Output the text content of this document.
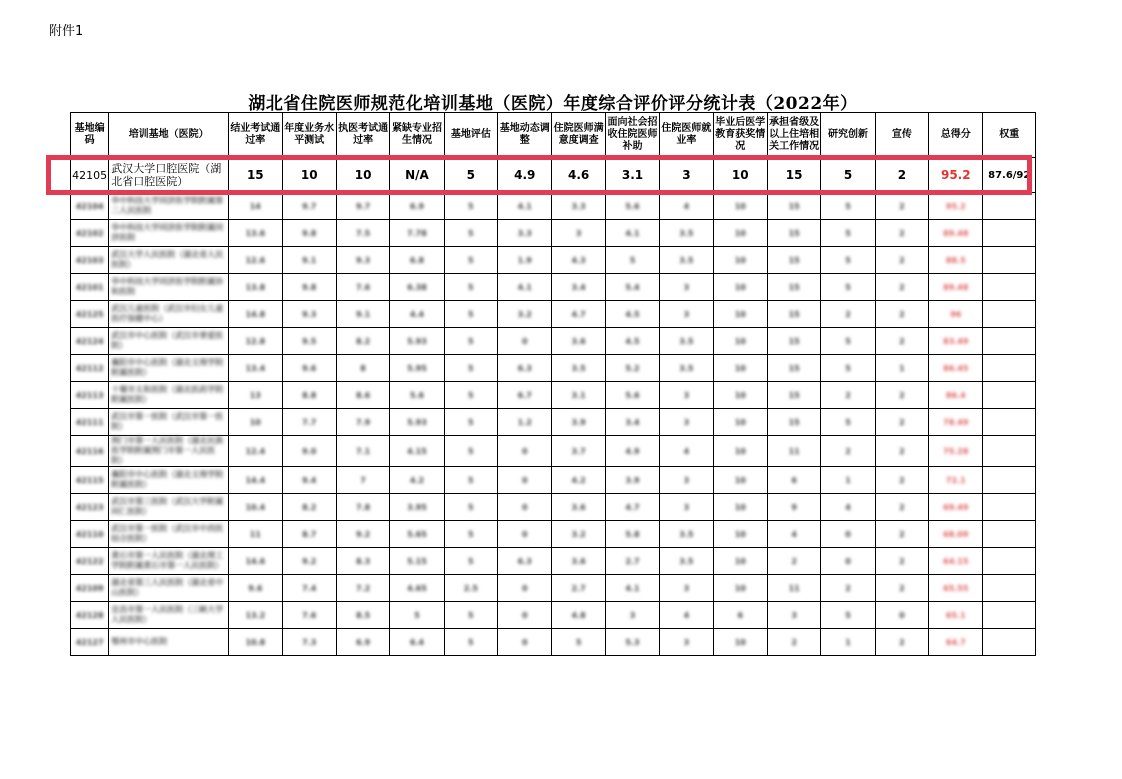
附件1
湖北省住院医师规范化培训基地（医院）年度综合评价评分统计表（2022年）
基地编码	培训基地（医院）	结业考试通过率	年度业务水平测试	执医考试通过率	紧缺专业招生情况	基地评估	基地动态调整	住院医师满意度调查	面向社会招收住院医师补助	住院医师就业率	毕业后医学教育获奖情况	承担省级及以上住培相关工作情况	研究创新	宣传	总得分	权重

42105	武汉大学口腔医院（湖北省口腔医院）	15	10	10	N/A	5	4.9	4.6	3.1	3	10	15	5	2	95.2	87.6/92
42104	华中科技大学同济医学院附属第二人民医院	14	9.7	9.7	6.9	5	4.1	3.3	5.6	4	10	15	5	2	95.2	
42102	华中科技大学同济医学院附属同济医院	13.6	9.8	7.5	7.78	5	3.3	3	4.1	3.5	10	15	5	2	89.48	
42103	武汉大学人民医院（湖北省人民医院）	12.6	9.1	9.3	6.8	5	1.9	4.3	5	3.5	10	15	5	2	88.5	
42101	华中科技大学同济医学院附属协和医院	13.8	9.8	7.6	6.38	5	4.1	3.4	5.4	3	10	15	5	2	89.48	
42125	武汉儿童医院（武汉市妇女儿童医疗保健中心）	14.8	9.3	9.1	4.4	5	3.2	4.7	4.5	3	10	15	2	2	96	
42124	武汉市中心医院（武汉市普爱医院）	12.8	9.5	8.2	5.93	5	0	3.6	4.5	3.5	10	15	5	2	83.49	
42112	襄阳市中心医院（湖北文理学院附属医院）	13.4	9.6	8	5.95	5	6.3	3.5	5.2	3.5	10	15	5	1	86.45	
42113	十堰市太和医院（湖北医药学院附属医院）	13	8.8	8.6	5.6	5	6.7	3.1	5.6	3	10	15	2	2	86.4	
42111	武汉市第一医院（武汉市第一医院）	10	7.7	7.9	5.93	5	1.2	3.9	3.4	3	10	15	5	2	78.49	
42116	荆门市第一人民医院（湖北民族医学院附属荆门市第一人民医院）	12.4	9.0	7.1	4.15	5	0	3.7	4.9	4	10	11	2	2	75.28	
42115	襄阳市中心医院（湖北文理学院附属医院）	14.4	9.4	7	4.2	5	0	4.2	3.9	3	10	6	1	2	72.1	
42123	武汉市第三医院（武汉大学附属同仁医院）	10.4	8.2	7.8	3.95	5	0	3.6	4.7	3	10	9	4	2	69.49	
42110	武汉市第一医院（武汉市中西医结合医院）	11	8.7	9.2	5.65	5	0	3.2	5.8	3.5	10	4	0	2	68.09	
42122	黄石市第一人民医院（湖北理工学院附属黄石市第一人民医院）	14.6	9.2	8.3	5.15	5	6.3	3.6	2.7	3.5	10	2	0	2	64.15	
42109	湖北省第三人民医院（湖北省中山医院）	9.6	7.4	7.2	4.65	2.5	0	2.7	4.1	3	10	11	2	2	65.55	
42128	宜昌市第一人民医院（三峡大学人民医院）	13.2	7.6	8.5	5	5	0	4.8	3	4	6	3	5	0	65.1	
42127	鄂州市中心医院	10.8	7.3	6.9	6.4	5	0	5	5.3	3	10	2	1	2	64.7	
